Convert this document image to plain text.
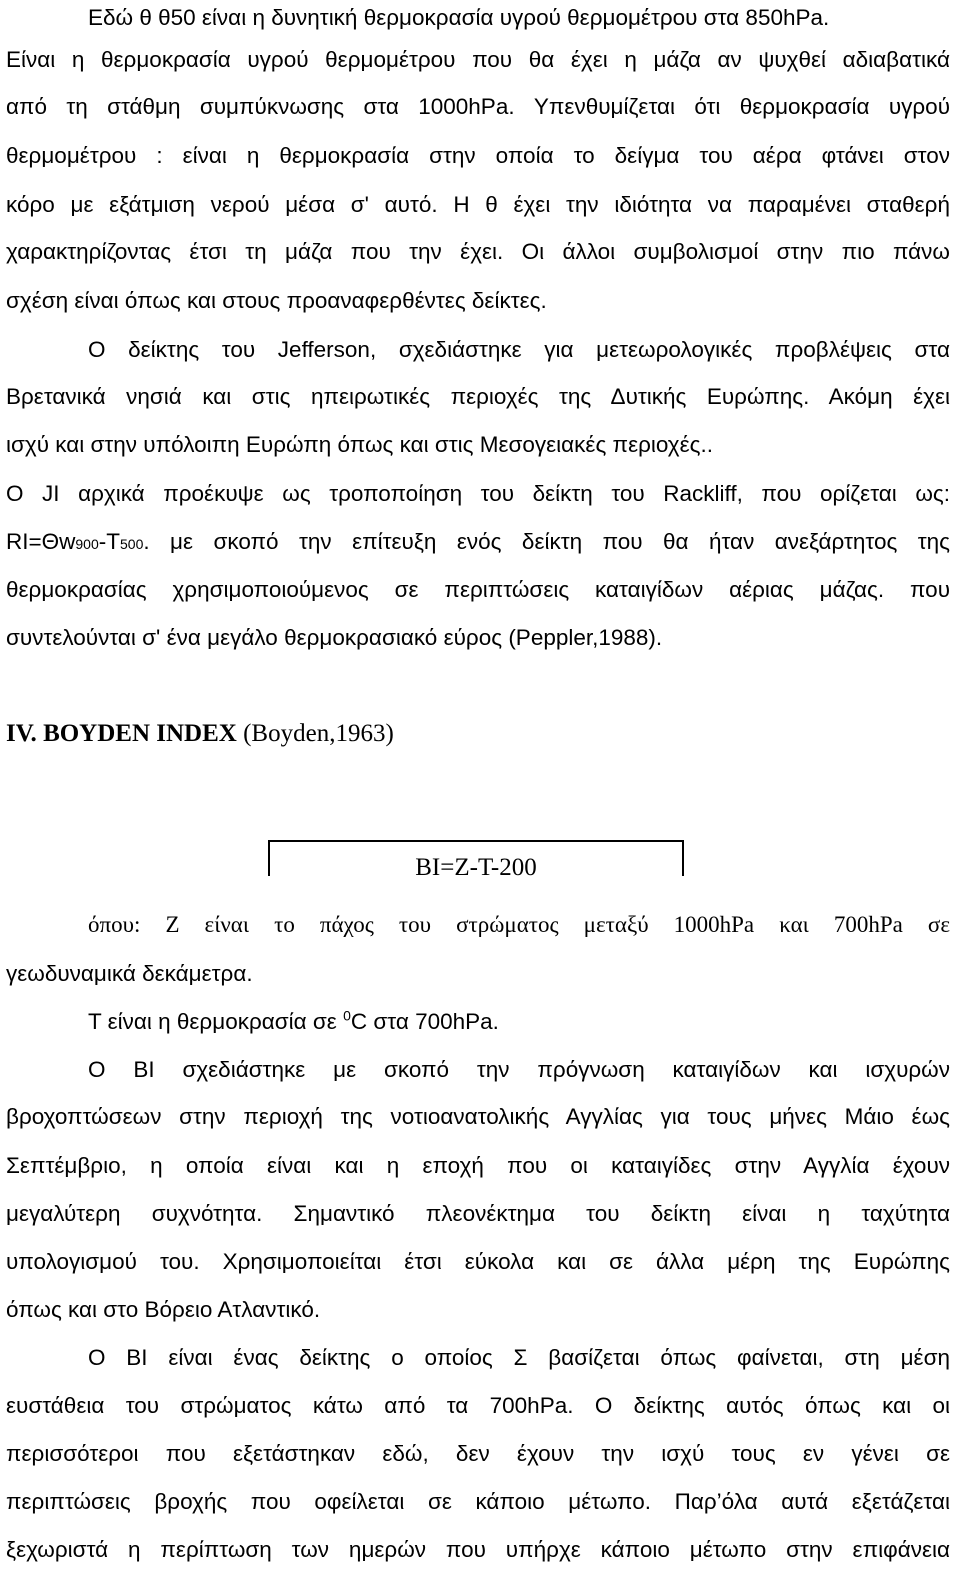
Εδώ θ θ50 είναι η δυνητική θερμοκρασία υγρού θερμομέτρου στα 850hPa.
Είναι η θερμοκρασία υγρού θερμομέτρου που θα έχει η μάζα αν ψυχθεί αδιαβατικά
από τη στάθμη συμπύκνωσης στα 1000hPa. Υπενθυμίζεται ότι θερμοκρασία υγρού
θερμομέτρου : είναι η θερμοκρασία στην οποία το δείγμα του αέρα φτάνει στον
κόρο με εξάτμιση νερού μέσα σ' αυτό. Η θ έχει την ιδιότητα να παραμένει σταθερή
χαρακτηρίζοντας έτσι τη μάζα που την έχει. Οι άλλοι συμβολισμοί στην πιο πάνω
σχέση είναι όπως και στους προαναφερθέντες δείκτες.
Ο δείκτης του Jefferson, σχεδιάστηκε για μετεωρολογικές προβλέψεις στα
Βρετανικά νησιά και στις ηπειρωτικές περιοχές της Δυτικής Ευρώπης. Ακόμη έχει
ισχύ και στην υπόλοιπη Ευρώπη όπως και στις Μεσογειακές περιοχές..
Ο JI αρχικά προέκυψε ως τροποποίηση του δείκτη του Rackliff, που ορίζεται ως:
RI=Θw900-T500. με σκοπό την επίτευξη ενός δείκτη που θα ήταν ανεξάρτητος της
θερμοκρασίας χρησιμοποιούμενος σε περιπτώσεις καταιγίδων αέριας μάζας. που
συντελούνται σ' ένα μεγάλο θερμοκρασιακό εύρος (Peppler,1988).
IV. BOYDEN INDEX (Boyden,1963)
BI=Z-T-200
όπου: Z είναι το πάχος του στρώματος μεταξύ 1000hPa και 700hPa σε
γεωδυναμικά δεκάμετρα.
T είναι η θερμοκρασία σε $^0$C στα 700hPa.
Ο ΒΙ σχεδιάστηκε με σκοπό την πρόγνωση καταιγίδων και ισχυρών
βροχοπτώσεων στην περιοχή της νοτιοανατολικής Αγγλίας για τους μήνες Μάιο έως
Σεπτέμβριο, η οποία είναι και η εποχή που οι καταιγίδες στην Αγγλία έχουν
μεγαλύτερη συχνότητα. Σημαντικό πλεονέκτημα του δείκτη είναι η ταχύτητα
υπολογισμού του. Χρησιμοποιείται έτσι εύκολα και σε άλλα μέρη της Ευρώπης
όπως και στο Βόρειο Ατλαντικό.
Ο ΒΙ είναι ένας δείκτης ο οποίος Σ βασίζεται όπως φαίνεται, στη μέση
ευστάθεια του στρώματος κάτω από τα 700hPa. Ο δείκτης αυτός όπως και οι
περισσότεροι που εξετάστηκαν εδώ, δεν έχουν την ισχύ τους εν γένει σε
περιπτώσεις βροχής που οφείλεται σε κάποιο μέτωπο. Παρ’όλα αυτά εξετάζεται
ξεχωριστά η περίπτωση των ημερών που υπήρχε κάποιο μέτωπο στην επιφάνεια
